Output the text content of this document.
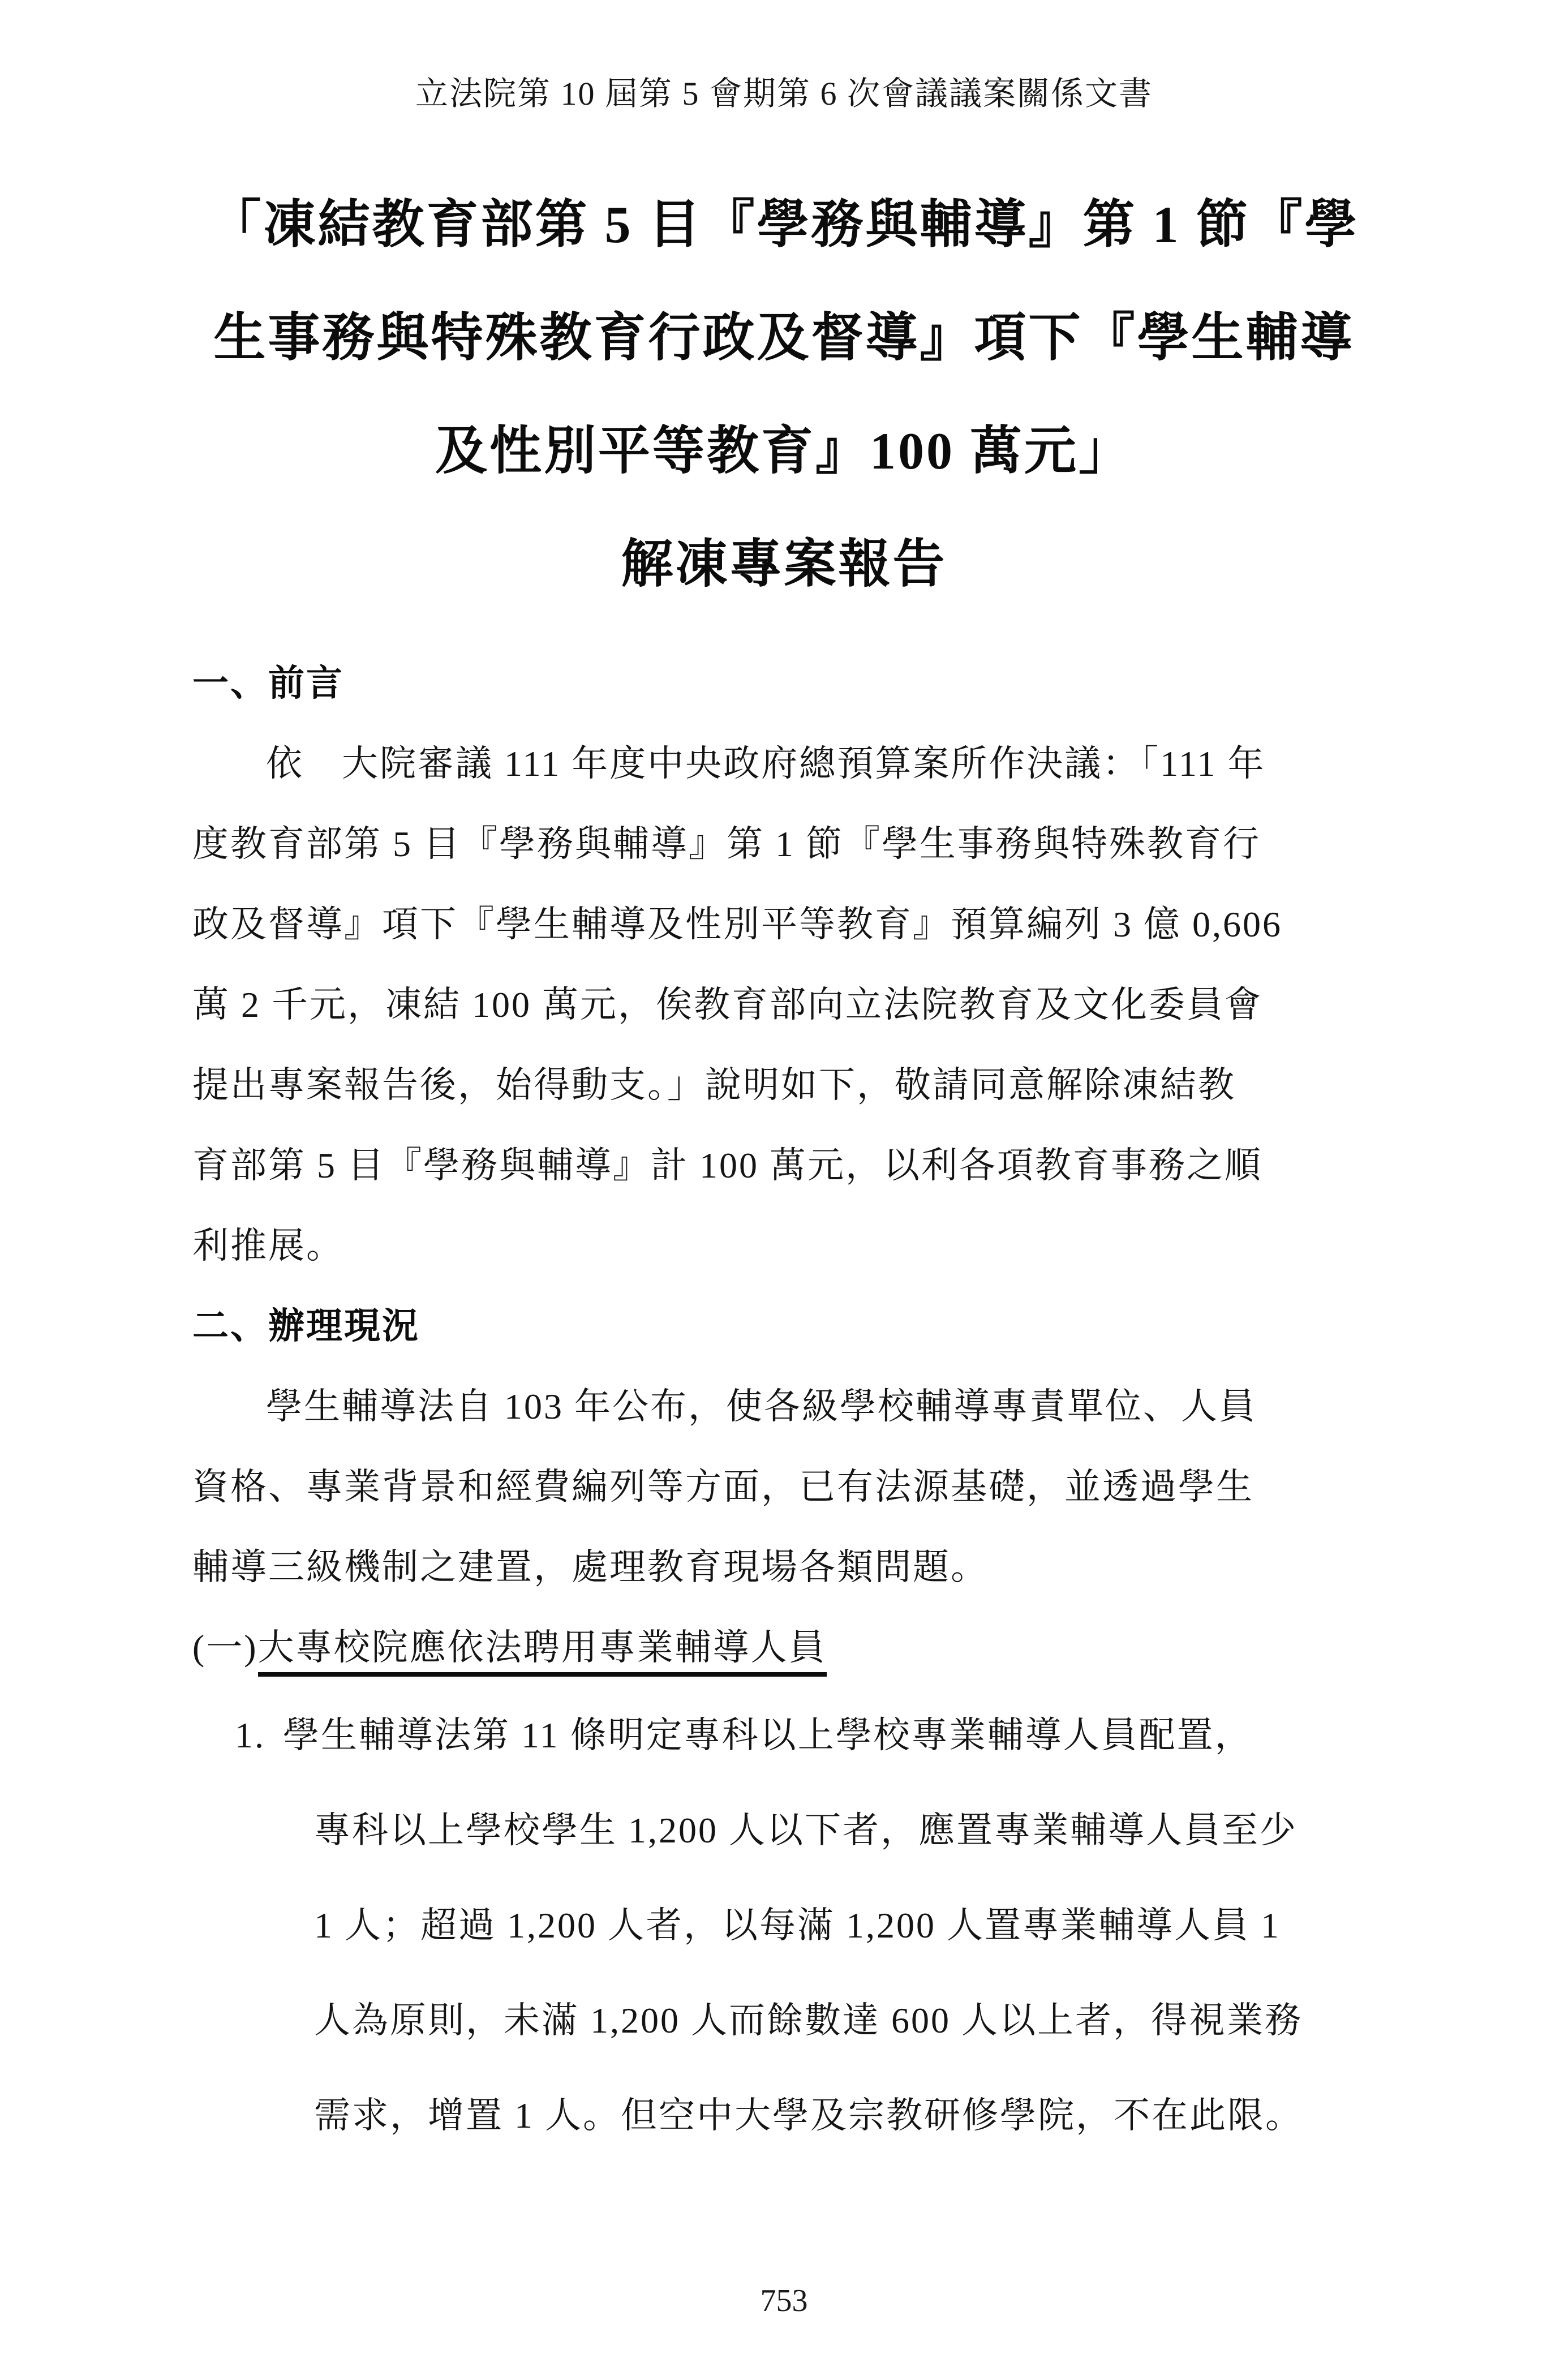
立法院第 10 屆第 5 會期第 6 次會議議案關係文書
「凍結教育部第 5 目『學務與輔導』第 1 節『學
生事務與特殊教育行政及督導』項下『學生輔導
及性別平等教育』100 萬元」
解凍專案報告
一、前言
依　大院審議 111 年度中央政府總預算案所作決議：「111 年
度教育部第 5 目『學務與輔導』第 1 節『學生事務與特殊教育行
政及督導』項下『學生輔導及性別平等教育』預算編列 3 億 0,606
萬 2 千元，凍結 100 萬元，俟教育部向立法院教育及文化委員會
提出專案報告後，始得動支。」說明如下，敬請同意解除凍結教
育部第 5 目『學務與輔導』計 100 萬元，以利各項教育事務之順
利推展。
二、辦理現況
學生輔導法自 103 年公布，使各級學校輔導專責單位、人員
資格、專業背景和經費編列等方面，已有法源基礎，並透過學生
輔導三級機制之建置，處理教育現場各類問題。
(一)大專校院應依法聘用專業輔導人員
1. 學生輔導法第 11 條明定專科以上學校專業輔導人員配置，
專科以上學校學生 1,200 人以下者，應置專業輔導人員至少
1 人；超過 1,200 人者，以每滿 1,200 人置專業輔導人員 1
人為原則，未滿 1,200 人而餘數達 600 人以上者，得視業務
需求，增置 1 人。但空中大學及宗教研修學院，不在此限。
753
